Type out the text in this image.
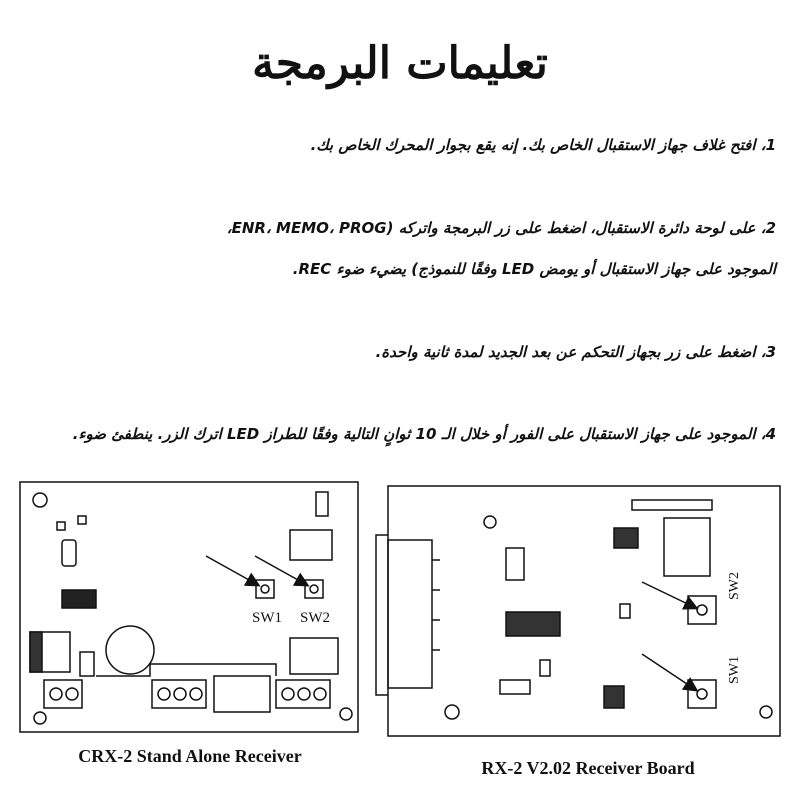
تعليمات البرمجة
1، افتح غلاف جهاز الاستقبال الخاص بك. إنه يقع بجوار المحرك الخاص بك.
2، على لوحة دائرة الاستقبال، اضغط على زر البرمجة واتركه (ENR، MEMO، PROG،
الموجود على جهاز الاستقبال أو يومض LED وفقًا للنموذج) يضيء ضوء REC.
3، اضغط على زر بجهاز التحكم عن بعد الجديد لمدة ثانية واحدة.
4، الموجود على جهاز الاستقبال على الفور أو خلال الـ 10 ثوانٍ التالية وفقًا للطراز LED اترك الزر. ينطفئ ضوء.
SW1 SW2
CRX-2 Stand Alone Receiver
SW2
SW1
RX-2 V2.02 Receiver Board
